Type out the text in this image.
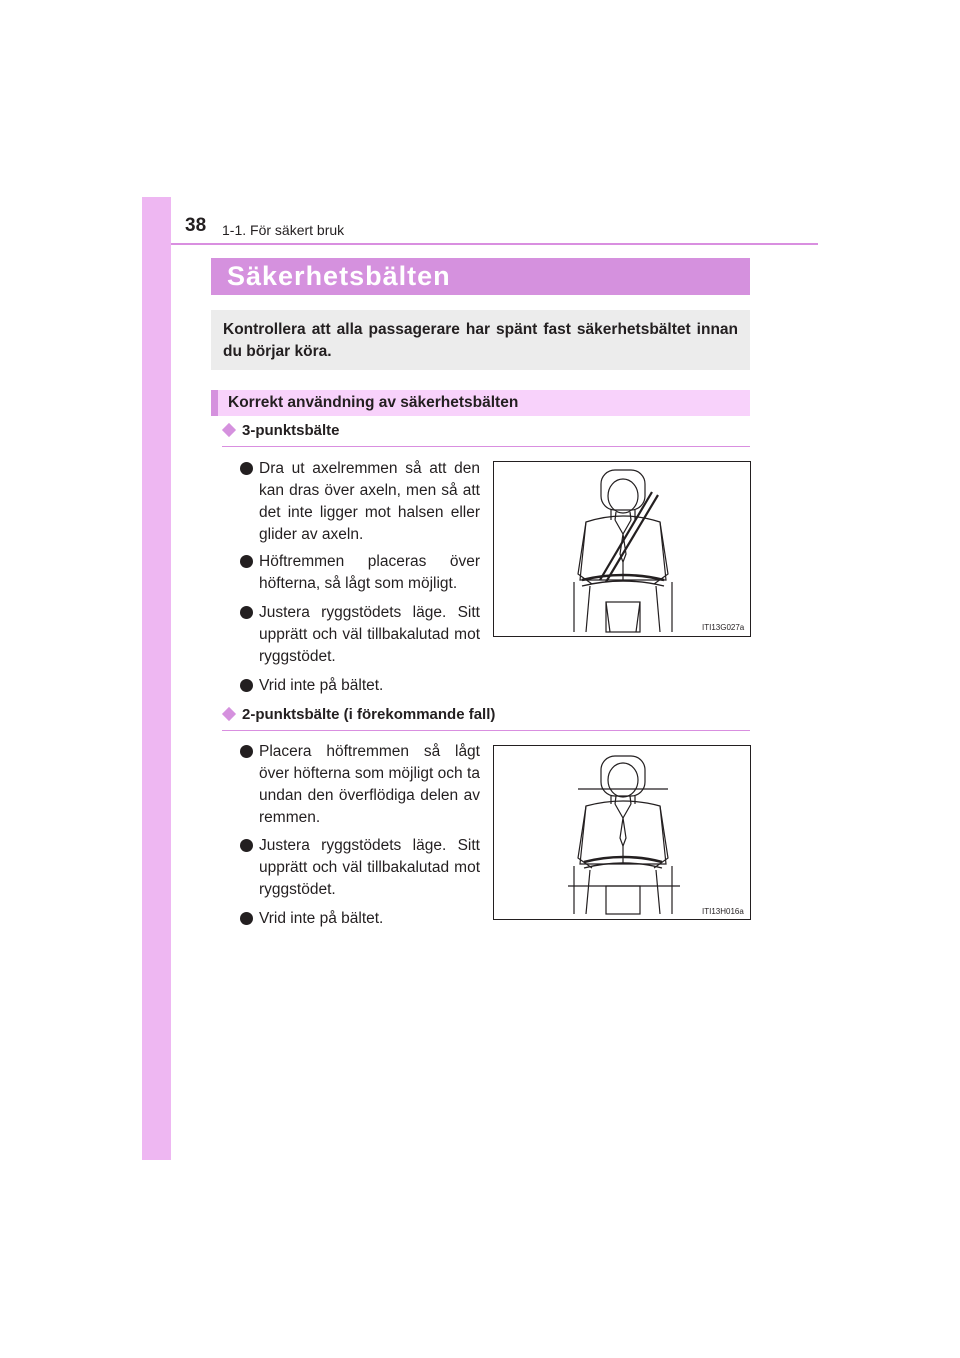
38 1-1. För säkert bruk
Säkerhetsbälten
Kontrollera att alla passagerare har spänt fast säkerhetsbältet innan du börjar köra.
Korrekt användning av säkerhetsbälten
3-punktsbälte
Dra ut axelremmen så att den kan dras över axeln, men så att det inte ligger mot halsen eller glider av axeln.
Höftremmen placeras över höfterna, så lågt som möjligt.
Justera ryggstödets läge. Sitt upprätt och väl tillbakalutad mot ryggstödet.
Vrid inte på bältet.
ITI13G027a
2-punktsbälte (i förekommande fall)
Placera höftremmen så lågt över höfterna som möjligt och ta undan den överflödiga delen av remmen.
Justera ryggstödets läge. Sitt upprätt och väl tillbakalutad mot ryggstödet.
Vrid inte på bältet.	ITI13H016a
